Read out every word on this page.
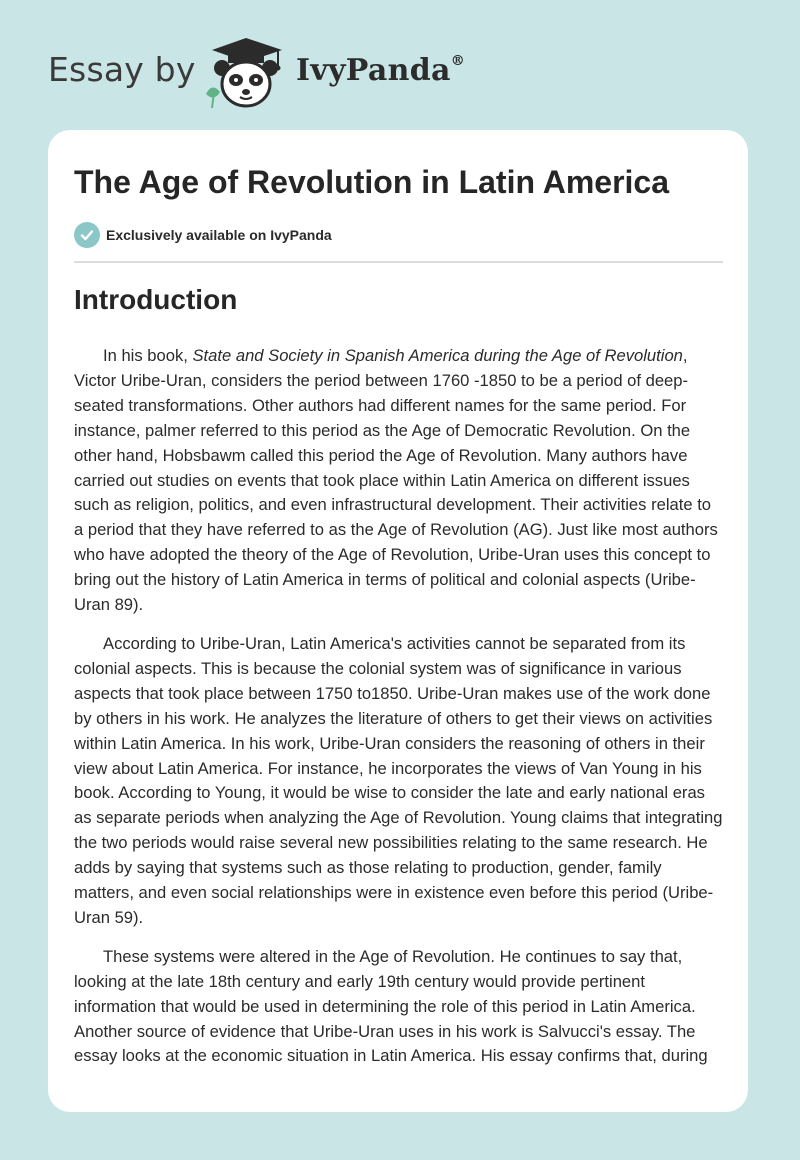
Essay by	IvyPanda®
The Age of Revolution in Latin America
Exclusively available on IvyPanda
Introduction

In his book, State and Society in Spanish America during the Age of Revolution, Victor Uribe-Uran, considers the period between 1760 -1850 to be a period of deep-seated transformations. Other authors had different names for the same period. For instance, palmer referred to this period as the Age of Democratic Revolution. On the other hand, Hobsbawm called this period the Age of Revolution. Many authors have carried out studies on events that took place within Latin America on different issues such as religion, politics, and even infrastructural development. Their activities relate to a period that they have referred to as the Age of Revolution (AG). Just like most authors who have adopted the theory of the Age of Revolution, Uribe-Uran uses this concept to bring out the history of Latin America in terms of political and colonial aspects (Uribe-Uran 89).

According to Uribe-Uran, Latin America's activities cannot be separated from its colonial aspects. This is because the colonial system was of significance in various aspects that took place between 1750 to1850. Uribe-Uran makes use of the work done by others in his work. He analyzes the literature of others to get their views on activities within Latin America. In his work, Uribe-Uran considers the reasoning of others in their view about Latin America. For instance, he incorporates the views of Van Young in his book. According to Young, it would be wise to consider the late and early national eras as separate periods when analyzing the Age of Revolution. Young claims that integrating the two periods would raise several new possibilities relating to the same research. He adds by saying that systems such as those relating to production, gender, family matters, and even social relationships were in existence even before this period (Uribe-Uran 59).

These systems were altered in the Age of Revolution. He continues to say that, looking at the late 18th century and early 19th century would provide pertinent information that would be used in determining the role of this period in Latin America. Another source of evidence that Uribe-Uran uses in his work is Salvucci's essay. The essay looks at the economic situation in Latin America. His essay confirms that, during
